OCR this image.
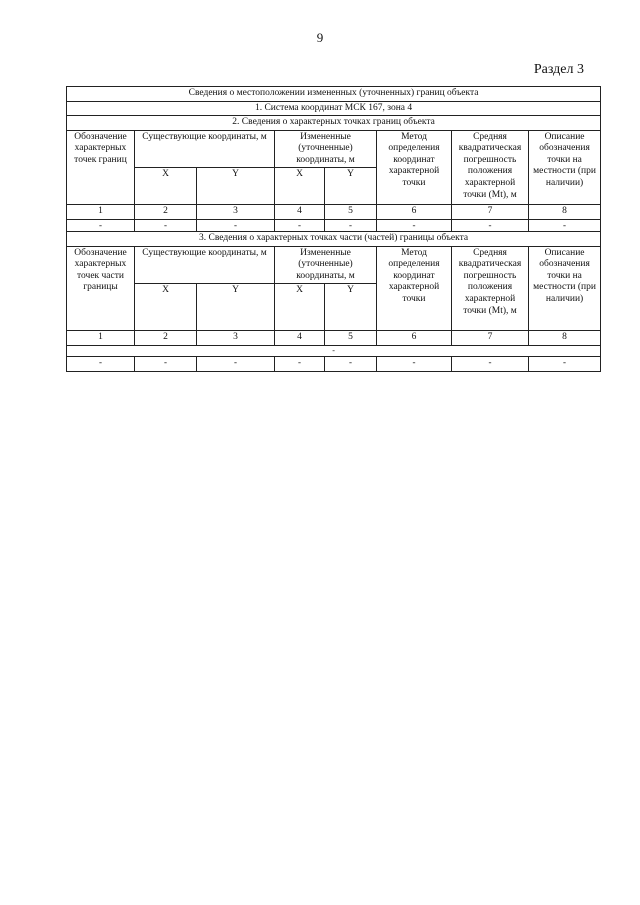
9
Раздел 3
Сведения о местоположении измененных (уточненных) границ объекта							
1. Система координат МСК 167, зона 4							
2. Сведения о характерных точках границ объекта							
Обозначение характерных точек границ	Существующие координаты, м		Измененные (уточненные) координаты, м		Метод определения координат характерной точки	Средняя квадратическая погрешность положения характерной точки (Mt), м	Описание обозначения точки на местности (при наличии)
	X	Y	X	Y			
1	2	3	4	5	6	7	8
-	-	-	-	-	-	-	-
3. Сведения о характерных точках части (частей) границы объекта							
Обозначение характерных точек части границы	Существующие координаты, м		Измененные (уточненные) координаты, м		Метод определения координат характерной точки	Средняя квадратическая погрешность положения характерной точки (Mt), м	Описание обозначения точки на местности (при наличии)
	X	Y	X	Y			
1	2	3	4	5	6	7	8
-							
-	-	-	-	-	-	-	-
